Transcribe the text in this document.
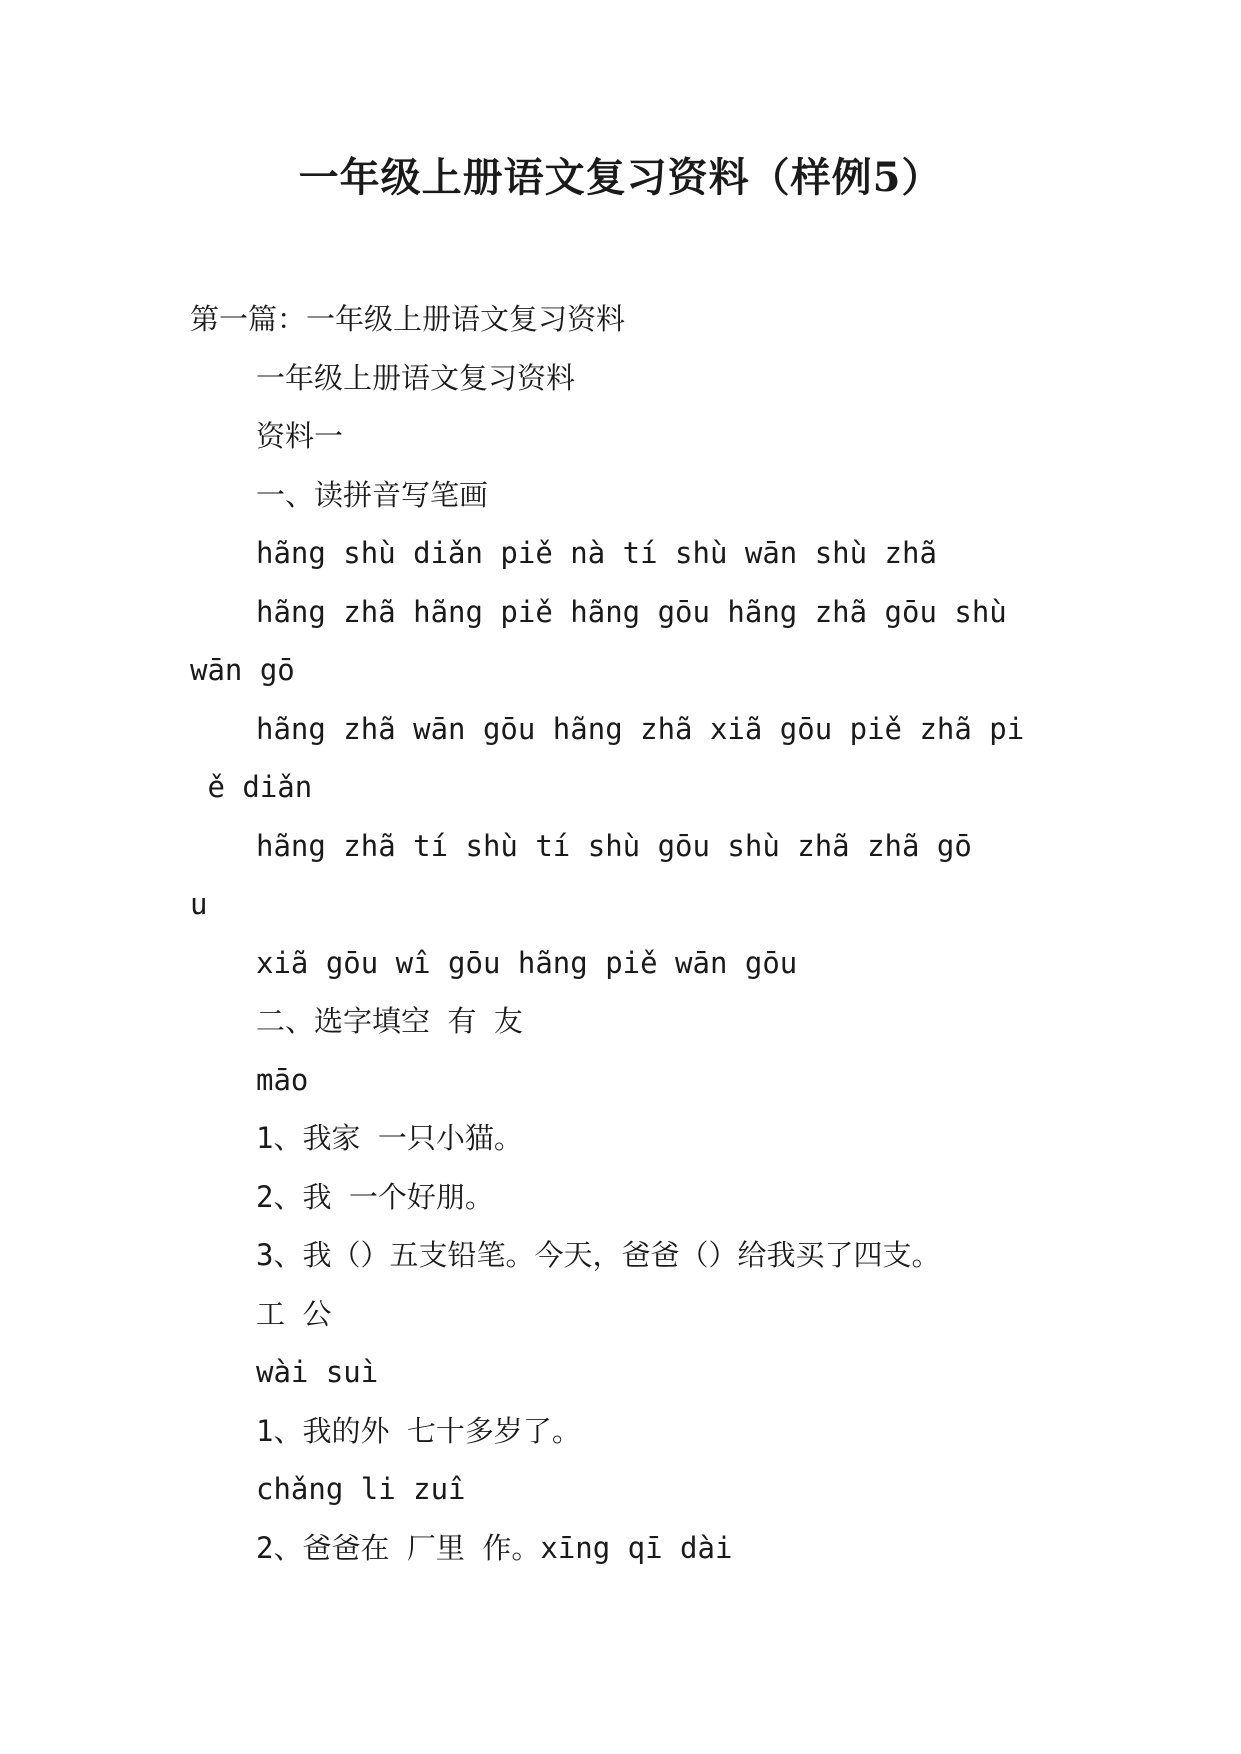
一年级上册语文复习资料（样例5）
第一篇：一年级上册语文复习资料
一年级上册语文复习资料
资料一
一、读拼音写笔画
hãng shù diǎn piě nà tí shù wān shù zhã
hãng zhã hãng piě hãng gōu hãng zhã gōu shù
wān gō
hãng zhã wān gōu hãng zhã xiã gōu piě zhã pi
ě diǎn
hãng zhã tí shù tí shù gōu shù zhã zhã gō
u
xiã gōu wî gōu hãng piě wān gōu
二、选字填空 有 友
māo
1、我家 一只小猫。
2、我 一个好朋。
3、我（）五支铅笔。今天，爸爸（）给我买了四支。
工 公
wài suì
1、我的外 七十多岁了。
chǎng li zuî
2、爸爸在 厂里 作。xīng qī dài
